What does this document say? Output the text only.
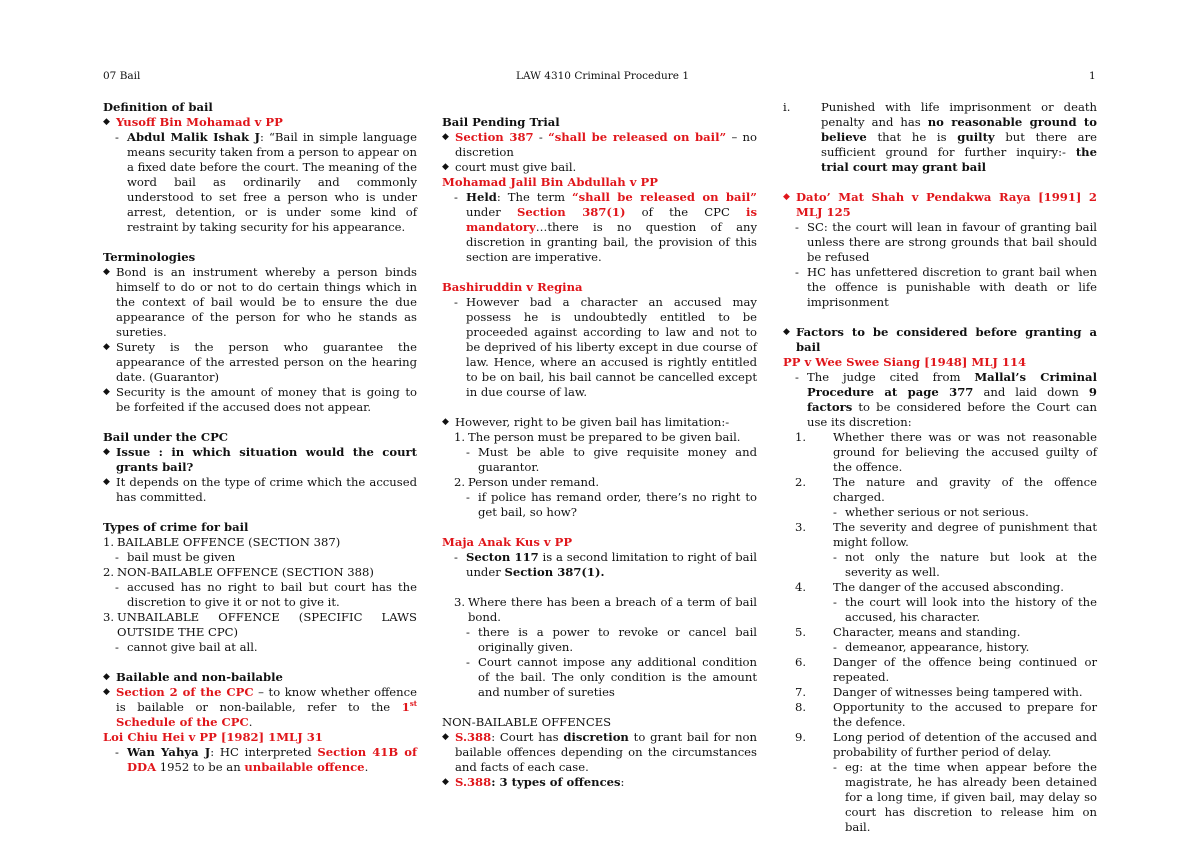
07 Bail	LAW 4310 Criminal Procedure 1	1

Definition of bail

◆ Yusoff Bin Mohamad v PP
- Abdul Malik Ishak J: “Bail in simple language means security taken from a person to appear on a fixed date before the court. The meaning of the word bail as ordinarily and commonly understood to set free a person who is under arrest, detention, or is under some kind of restraint by taking security for his appearance.

Terminologies

◆ Bond is an instrument whereby a person binds himself to do or not to do certain things which in the context of bail would be to ensure the due appearance of the person for who he stands as sureties.
◆ Surety is the person who guarantee the appearance of the arrested person on the hearing date. (Guarantor)
◆ Security is the amount of money that is going to be forfeited if the accused does not appear.

Bail under the CPC

◆ Issue : in which situation would the court grants bail?
◆ It depends on the type of crime which the accused has committed.

Types of crime for bail

1. BAILABLE OFFENCE (SECTION 387)
- bail must be given
2. NON-BAILABLE OFFENCE (SECTION 388)
- accused has no right to bail but court has the discretion to give it or not to give it.
3. UNBAILABLE OFFENCE (SPECIFIC LAWS OUTSIDE THE CPC)
- cannot give bail at all.
◆ Bailable and non-bailable
◆ Section 2 of the CPC – to know whether offence is bailable or non-bailable, refer to the 1st Schedule of the CPC.

Loi Chiu Hei v PP [1982] 1MLJ 31

- Wan Yahya J: HC interpreted Section 41B of DDA 1952 to be an unbailable offence.

Bail Pending Trial

◆ Section 387 - “shall be released on bail” – no discretion
◆ court must give bail.

Mohamad Jalil Bin Abdullah v PP

- Held: The term “shall be released on bail” under Section 387(1) of the CPC is mandatory…there is no question of any discretion in granting bail, the provision of this section are imperative.

Bashiruddin v Regina

- However bad a character an accused may possess he is undoubtedly entitled to be proceeded against according to law and not to be deprived of his liberty except in due course of law. Hence, where an accused is rightly entitled to be on bail, his bail cannot be cancelled except in due course of law.
◆ However, right to be given bail has limitation:-
1. The person must be prepared to be given bail.
- Must be able to give requisite money and guarantor.
2. Person under remand.
- if police has remand order, there’s no right to get bail, so how?

Maja Anak Kus v PP

- Secton 117 is a second limitation to right of bail under Section 387(1).
3. Where there has been a breach of a term of bail bond.
- there is a power to revoke or cancel bail originally given.
- Court cannot impose any additional condition of the bail. The only condition is the amount and number of sureties

NON-BAILABLE OFFENCES

◆ S.388: Court has discretion to grant bail for non bailable offences depending on the circumstances and facts of each case.
◆ S.388: 3 types of offences:
i.	Punished with life imprisonment or death penalty and has no reasonable ground to believe that he is guilty but there are sufficient ground for further inquiry:- the trial court may grant bail
◆ Dato’ Mat Shah v Pendakwa Raya [1991] 2 MLJ 125
- SC: the court will lean in favour of granting bail unless there are strong grounds that bail should be refused
- HC has unfettered discretion to grant bail when the offence is punishable with death or life imprisonment
◆ Factors to be considered before granting a bail

PP v Wee Swee Siang [1948] MLJ 114

- The judge cited from Mallal’s Criminal Procedure at page 377 and laid down 9 factors to be considered before the Court can use its discretion:
1.	Whether there was or was not reasonable ground for believing the accused guilty of the offence.
2.	The nature and gravity of the offence charged.
- whether serious or not serious.
3.	The severity and degree of punishment that might follow.
- not only the nature but look at the severity as well.
4.	The danger of the accused absconding.
- the court will look into the history of the accused, his character.
5.	Character, means and standing.
- demeanor, appearance, history.
6.	Danger of the offence being continued or repeated.
7.	Danger of witnesses being tampered with.
8.	Opportunity to the accused to prepare for the defence.
9.	Long period of detention of the accused and probability of further period of delay.
- eg: at the time when appear before the magistrate, he has already been detained for a long time, if given bail, may delay so court has discretion to release him on bail.
